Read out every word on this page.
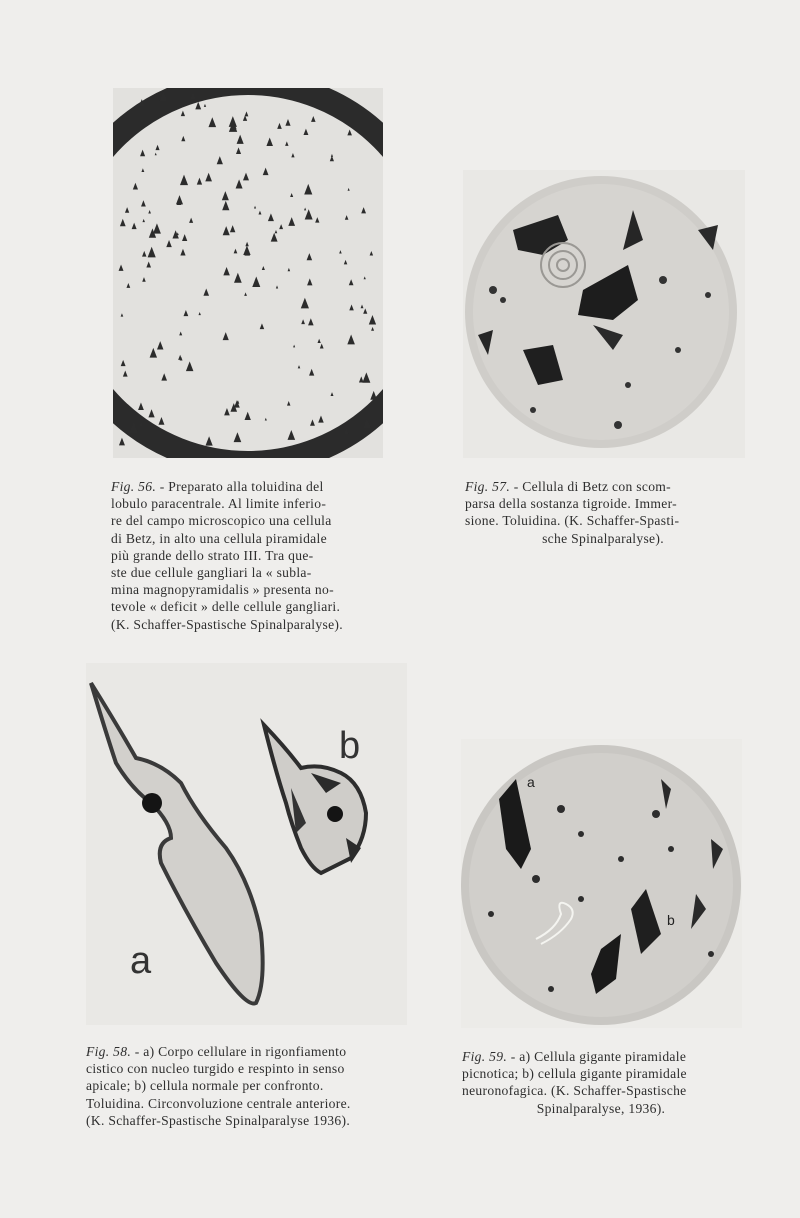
b
a
a
b
Fig. 56. - Preparato alla toluidina del
lobulo paracentrale. Al limite inferio-
re del campo microscopico una cellula
di Betz, in alto una cellula piramidale
più grande dello strato III. Tra que-
ste due cellule gangliari la « subla-
mina magnopyramidalis » presenta no-
tevole « deficit » delle cellule gangliari.
(K. Schaffer-Spastische Spinalparalyse).
Fig. 57. - Cellula di Betz con scom-
parsa della sostanza tigroide. Immer-
sione. Toluidina. (K. Schaffer-Spasti-
sche Spinalparalyse).
Fig. 58. - a) Corpo cellulare in rigonfiamento
cistico con nucleo turgido e respinto in senso
apicale; b) cellula normale per confronto.
Toluidina. Circonvoluzione centrale anteriore.
(K. Schaffer-Spastische Spinalparalyse 1936).
Fig. 59. - a) Cellula gigante piramidale
picnotica; b) cellula gigante piramidale
neuronofagica. (K. Schaffer-Spastische
Spinalparalyse, 1936).
